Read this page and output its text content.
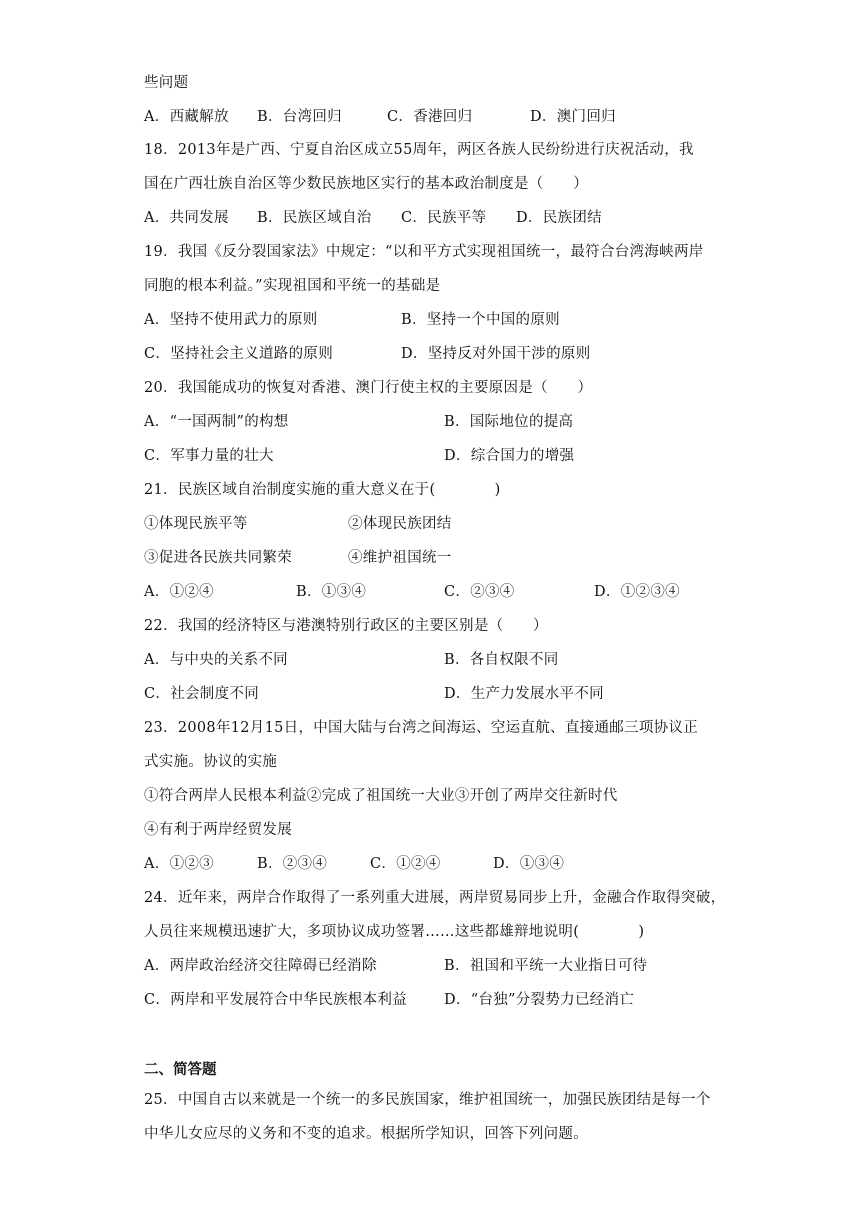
些问题
A．西藏解放 B．台湾回归	C．香港回归	D．澳门回归
18．2013年是广西、宁夏自治区成立55周年，两区各族人民纷纷进行庆祝活动，我
国在广西壮族自治区等少数民族地区实行的基本政治制度是（　　）
A．共同发展 B．民族区域自治 C．民族平等 D．民族团结
19．我国《反分裂国家法》中规定：“以和平方式实现祖国统一，最符合台湾海峡两岸
同胞的根本利益。”实现祖国和平统一的基础是
A．坚持不使用武力的原则	B．坚持一个中国的原则
C．坚持社会主义道路的原则	D．坚持反对外国干涉的原则
20．我国能成功的恢复对香港、澳门行使主权的主要原因是（　　）
A．“一国两制”的构想	B．国际地位的提高
C．军事力量的壮大	D．综合国力的增强
21．民族区域自治制度实施的重大意义在于(　　　　)
①体现民族平等	②体现民族团结
③促进各民族共同繁荣	④维护祖国统一
A．①②④	B．①③④	C．②③④	D．①②③④
22．我国的经济特区与港澳特别行政区的主要区别是（　　）
A．与中央的关系不同	B．各自权限不同
C．社会制度不同	D．生产力发展水平不同
23．2008年12月15日，中国大陆与台湾之间海运、空运直航、直接通邮三项协议正
式实施。协议的实施
①符合两岸人民根本利益②完成了祖国统一大业③开创了两岸交往新时代
④有利于两岸经贸发展
A．①②③	B．②③④	C．①②④	D．①③④
24．近年来，两岸合作取得了一系列重大进展，两岸贸易同步上升，金融合作取得突破，
人员往来规模迅速扩大，多项协议成功签署……这些都雄辩地说明(　　　　)
A．两岸政治经济交往障碍已经消除	B．祖国和平统一大业指日可待
C．两岸和平发展符合中华民族根本利益	D．“台独”分裂势力已经消亡
二、简答题
25．中国自古以来就是一个统一的多民族国家，维护祖国统一，加强民族团结是每一个
中华儿女应尽的义务和不变的追求。根据所学知识，回答下列问题。
